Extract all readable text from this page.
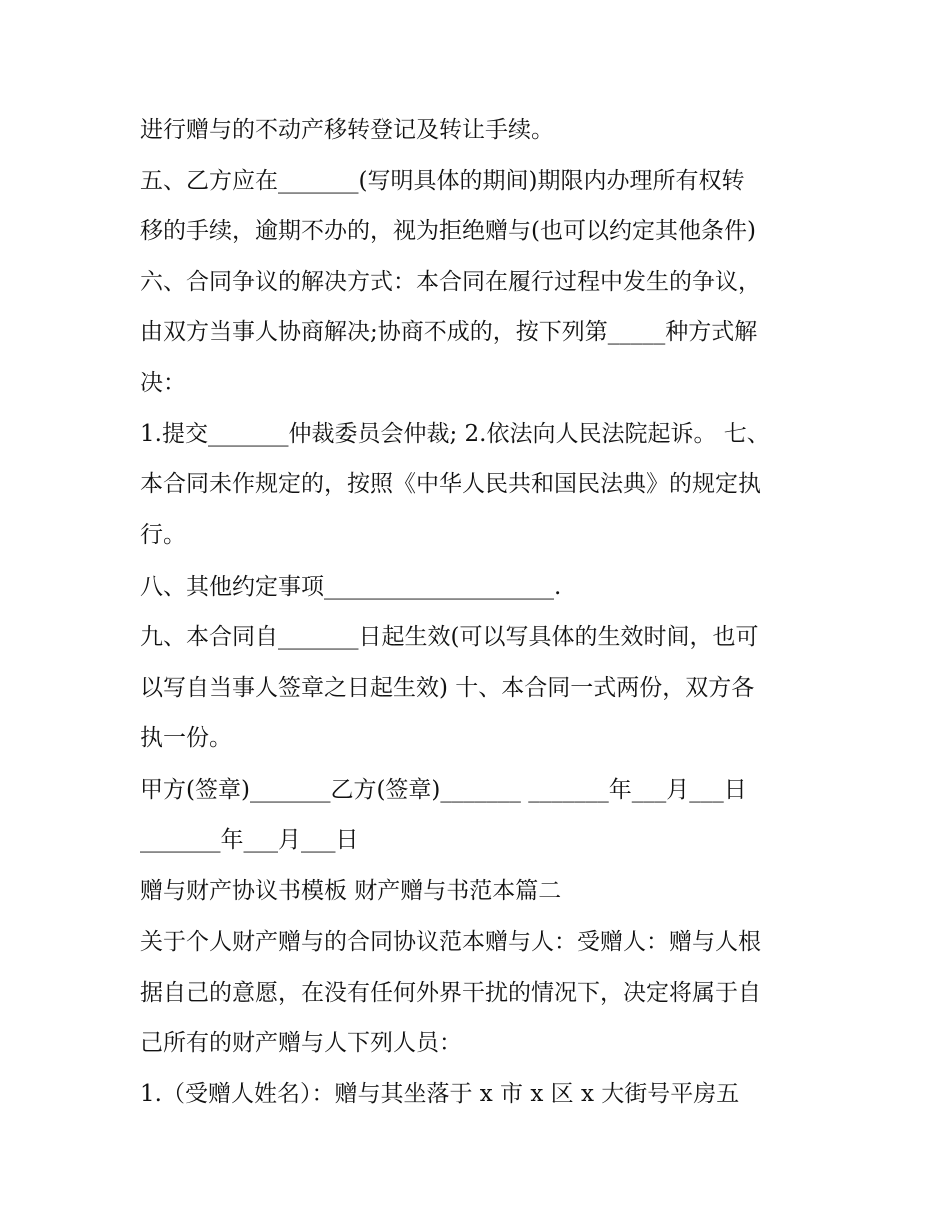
进行赠与的不动产移转登记及转让手续。

五、乙方应在_______(写明具体的期间)期限内办理所有权转

移的手续，逾期不办的，视为拒绝赠与(也可以约定其他条件)

六、合同争议的解决方式：本合同在履行过程中发生的争议，

由双方当事人协商解决;协商不成的，按下列第_____种方式解

决：

1.提交_______仲裁委员会仲裁; 2.依法向人民法院起诉。 七、

本合同未作规定的，按照《中华人民共和国民法典》的规定执

行。

八、其他约定事项____________________.

九、本合同自_______日起生效(可以写具体的生效时间，也可

以写自当事人签章之日起生效) 十、本合同一式两份，双方各

执一份。

甲方(签章)_______乙方(签章)_______ _______年___月___日

_______年___月___日

赠与财产协议书模板 财产赠与书范本篇二

关于个人财产赠与的合同协议范本赠与人：受赠人：赠与人根

据自己的意愿，在没有任何外界干扰的情况下，决定将属于自

己所有的财产赠与人下列人员：

1.（受赠人姓名）：赠与其坐落于 x 市 x 区 x 大街号平房五
